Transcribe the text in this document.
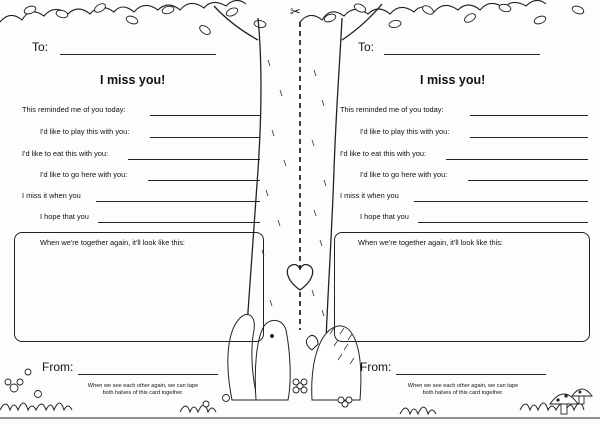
✂
To:
I miss you!
This reminded me of you today:
I'd like to play this with you:
I'd like to eat this with you:
I'd like to go here with you:
I miss it when you
I hope that you
When we're together again, it'll look like this:
From:
When we see each other again, we can tape
both halves of this card together.
To:
I miss you!
This reminded me of you today:
I'd like to play this with you:
I'd like to eat this with you:
I'd like to go here with you:
I miss it when you
I hope that you
When we're together again, it'll look like this:
From:
When we see each other again, we can tape
both halves of this card together.
